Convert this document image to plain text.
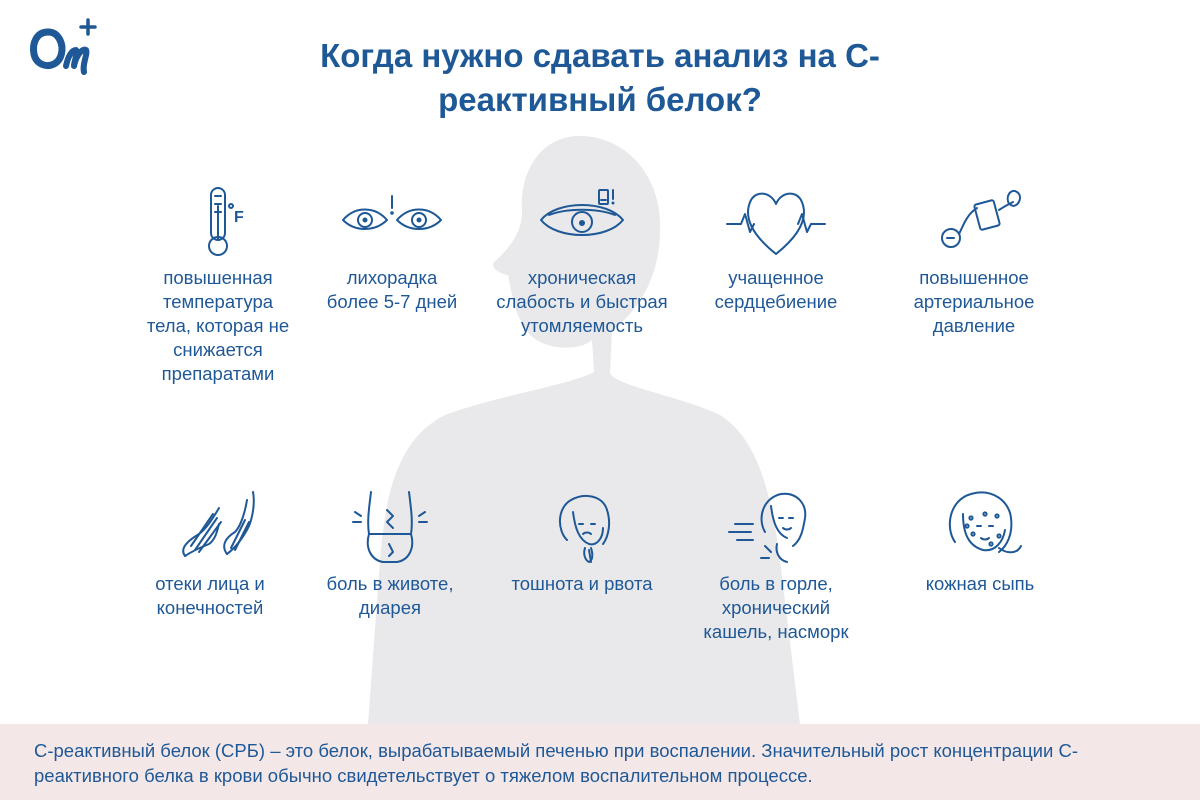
Когда нужно сдавать анализ на С-
реактивный белок?
F
повышенная
температура
тела, которая не
снижается
препаратами
лихорадка
более 5-7 дней
хроническая
слабость и быстрая
утомляемость
учащенное
сердцебиение
повышенное
артериальное
давление
отеки лица и
конечностей
боль в животе,
диарея
тошнота и рвота	боль в горле,
хронический
кашель, насморк
кожная сыпь

С-реактивный белок (СРБ) – это белок, вырабатываемый печенью при воспалении. Значительный рост концентрации С-реактивного белка в крови обычно свидетельствует о тяжелом воспалительном процессе.
